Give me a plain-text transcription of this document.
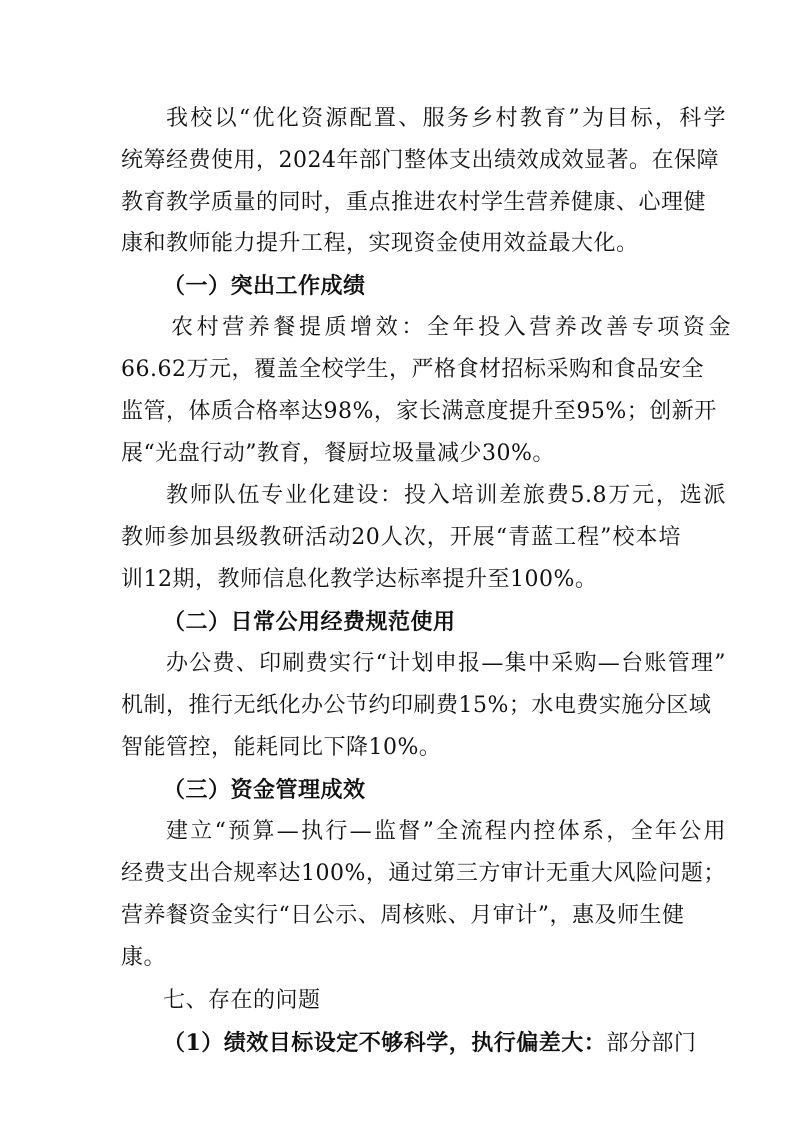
我校以“优化资源配置、服务乡村教育”为目标，科学
统筹经费使用，2024年部门整体支出绩效成效显著。在保障
教育教学质量的同时，重点推进农村学生营养健康、心理健
康和教师能力提升工程，实现资金使用效益最大化。
（一）突出工作成绩
农村营养餐提质增效：全年投入营养改善专项资金
66.62万元，覆盖全校学生，严格食材招标采购和食品安全
监管，体质合格率达98%，家长满意度提升至95%；创新开
展“光盘行动”教育，餐厨垃圾量减少30%。
教师队伍专业化建设：投入培训差旅费5.8万元，选派
教师参加县级教研活动20人次，开展“青蓝工程”校本培
训12期，教师信息化教学达标率提升至100%。
（二）日常公用经费规范使用
办公费、印刷费实行“计划申报—集中采购—台账管理”
机制，推行无纸化办公节约印刷费15%；水电费实施分区域
智能管控，能耗同比下降10%。
（三）资金管理成效
建立“预算—执行—监督”全流程内控体系，全年公用
经费支出合规率达100%，通过第三方审计无重大风险问题；
营养餐资金实行“日公示、周核账、月审计”，惠及师生健
康。
七、存在的问题
（1）绩效目标设定不够科学，执行偏差大：部分部门
